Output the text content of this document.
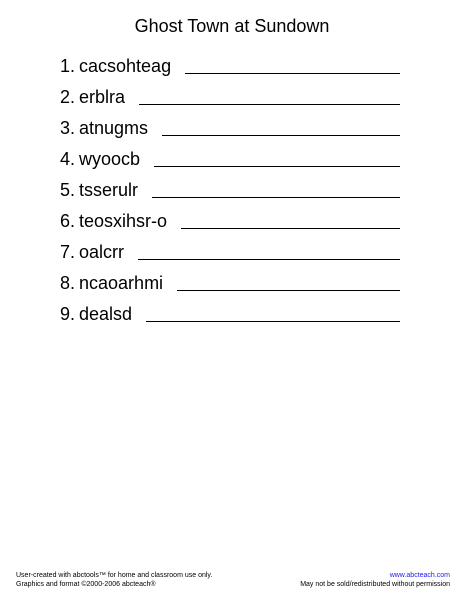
Ghost Town at Sundown
1. cacsohteag
2. erblra
3. atnugms
4. wyoocb
5. tsserulr
6. teosxihsr-o
7. oalcrr
8. ncaoarhmi
9. dealsd
User-created with abctools™ for home and classroom use only.
Graphics and format ©2000-2006 abcteach®
www.abcteach.com
May not be sold/redistributed without permission
